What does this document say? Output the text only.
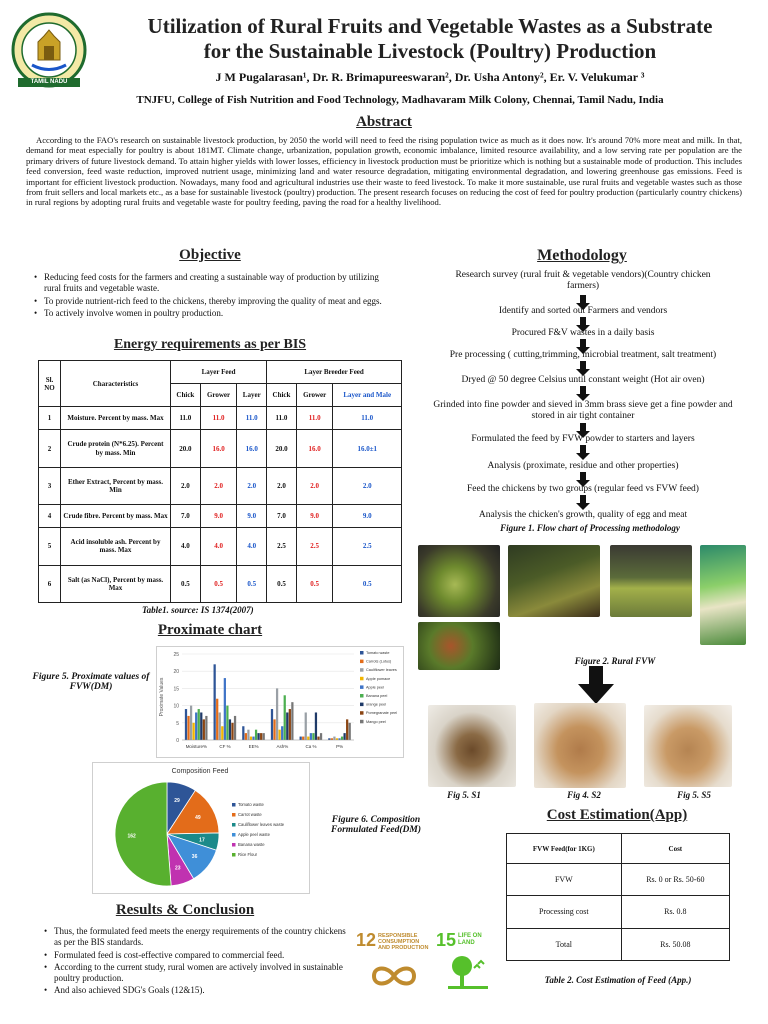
TAMIL NADU
Utilization of Rural Fruits and Vegetable Wastes as a Substrate
for the Sustainable Livestock (Poultry) Production
J M Pugalarasan¹, Dr. R. Brimapureeswaran², Dr. Usha Antony², Er. V. Velukumar ³
TNJFU, College of Fish Nutrition and Food Technology, Madhavaram Milk Colony, Chennai, Tamil Nadu, India
Abstract
According to the FAO's research on sustainable livestock production, by 2050 the world will need to feed the rising population twice as much as it does now. It's around 70% more meat and milk. In that, demand for meat especially for poultry is about 181MT. Climate change, urbanization, population growth, economic imbalance, limited resource availability, and a low serving rate per population are the primary drivers of future livestock demand. To attain higher yields with lower losses, efficiency in livestock production must be prioritize which is nothing but a sustainable mode of production. This includes feed conversion, feed waste reduction, improved nutrient usage, minimizing land and water resource degradation, mitigating environmental degradation, and lowering greenhouse gas emissions. Feed is important for efficient livestock production. Nowadays, many food and agricultural industries use their waste to feed livestock. To make it more sustainable, use rural fruits and vegetable wastes such as those from fruit sellers and local markets etc., as a base for sustainable livestock (poultry) production. The present research focuses on reducing the cost of feed for poultry production (particularly country chickens) in rural regions by adopting rural fruits and vegetable waste for poultry feeding, paving the road for a healthy livelihood.
Objective
• Reducing feed costs for the farmers and creating a sustainable way of production by utilizing rural fruits and vegetable waste.
• To provide nutrient-rich feed to the chickens, thereby improving the quality of meat and eggs.
• To actively involve women in poultry production.
Energy requirements as per BIS
Sl. NO	Characteristics	Layer Feed			Layer Breeder Feed		
		Chick	Grower	Layer	Chick	Grower	Layer and Male
1	Moisture. Percent by mass. Max	11.0	11.0	11.0	11.0	11.0	11.0
2	Crude protein (N*6.25). Percent by mass. Min	20.0	16.0	16.0	20.0	16.0	16.0±1
3	Ether Extract, Percent by mass. Min	2.0	2.0	2.0	2.0	2.0	2.0
4	Crude fibre. Percent by mass. Max	7.0	9.0	9.0	7.0	9.0	9.0
5	Acid insoluble ash. Percent by mass. Max	4.0	4.0	4.0	2.5	2.5	2.5
6	Salt (as NaCl), Percent by mass. Max	0.5	0.5	0.5	0.5	0.5	0.5
Table1. source: IS 1374(2007)
Proximate chart
Figure 5. Proximate values of FVW(DM)
0
5
10
15
20
25
Proximate Values
Moisture%	CF %	EE%	Ash%	Ca %	P%
Tomato waste
Carrots (Lotus)
Cauliflower leaves
Apple pomace
Apple peel
Banana peel
orange peel
Pomegranate peel
Mango peel
Composition Feed
29
49
17
36
23
162
Tomato waste
Carrot waste
Cauliflower leaves waste
Apple peel waste
Banana waste
Rice Flour
Figure 6. Composition Formulated Feed(DM)
Results & Conclusion
• Thus, the formulated feed meets the energy requirements of the country chickens as per the BIS standards.
• Formulated feed is cost-effective compared to commercial feed.
• According to the current study, rural women are actively involved in sustainable poultry production.
• And also achieved SDG's Goals (12&15).
12 RESPONSIBLE CONSUMPTION AND PRODUCTION 15 LIFE ON LAND
Methodology
Research survey (rural fruit & vegetable vendors)(Country chicken farmers)
Identify and sorted out Farmers and vendors
Procured F&V wastes in a daily basis
Pre processing ( cutting,trimming, microbial treatment, salt treatment)
Dryed @ 50 degree Celsius until constant weight (Hot air oven)
Grinded into fine powder and sieved in 3mm brass sieve get a fine powder and stored in air tight container
Formulated the feed by FVW powder to starters and layers
Analysis (proximate, residue and other properties)
Feed the chickens by two groups (regular feed vs FVW feed)
Analysis the chicken's growth, quality of egg and meat
Figure 1. Flow chart of Processing methodology
Figure 2. Rural FVW
Fig 5. S1	Fig 4. S2	Fig 5. S5
Cost Estimation(App)
FVW Feed(for 1KG)	Cost
FVW	Rs. 0 or Rs. 50-60
Processing cost	Rs. 0.8
Total	Rs. 50.08
Table 2. Cost Estimation of Feed (App.)
